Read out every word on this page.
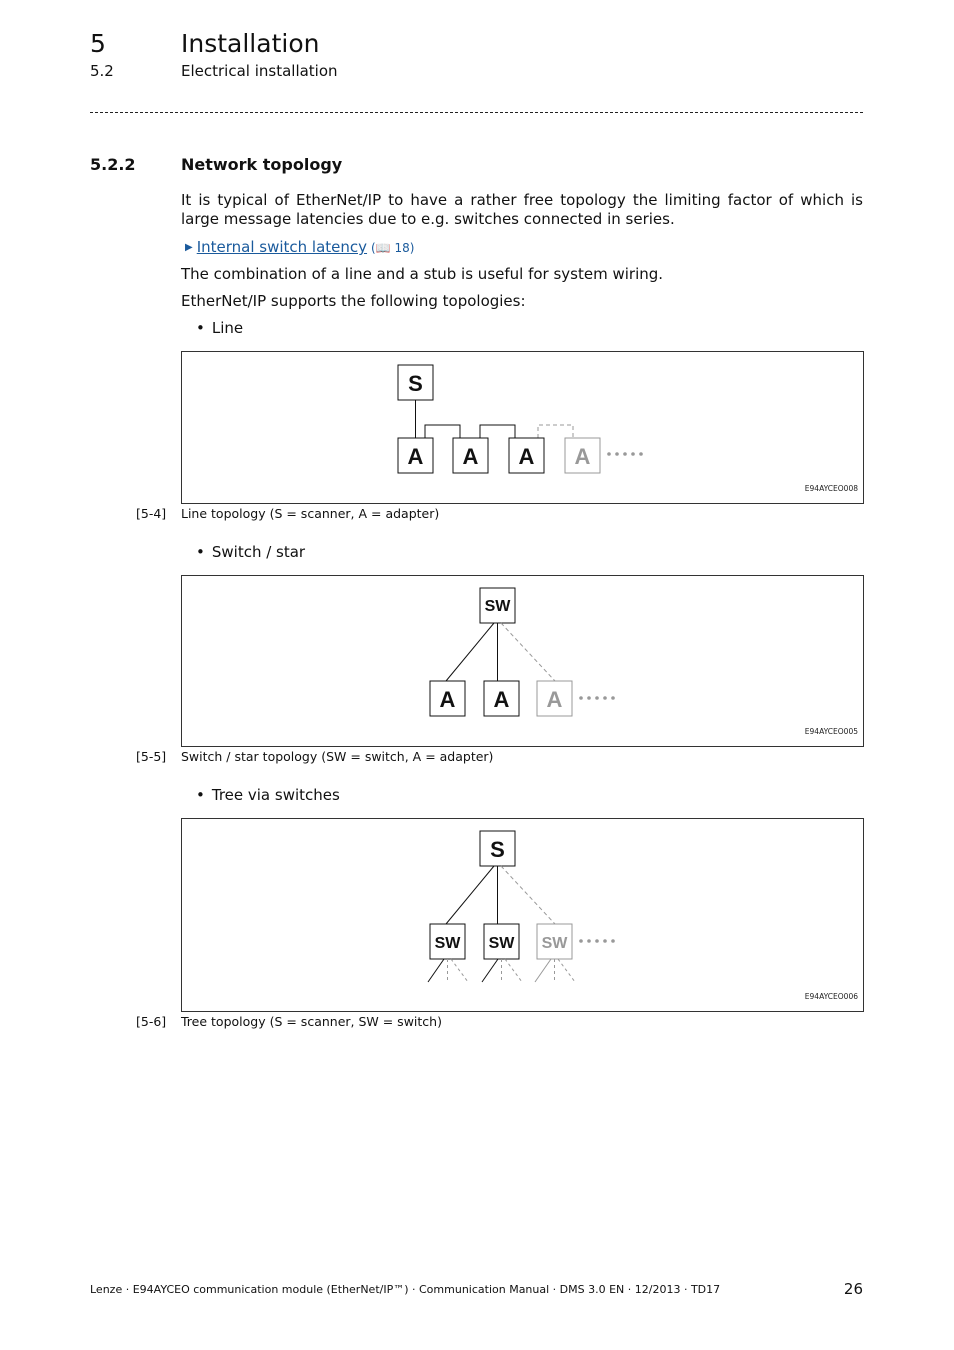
5	Installation
5.2	Electrical installation
5.2.2	Network topology
It is typical of EtherNet/IP to have a rather free topology the limiting factor of which is large message latencies due to e.g. switches connected in series.
▶ Internal switch latency (📖 18)
The combination of a line and a stub is useful for system wiring.
EtherNet/IP supports the following topologies:
• Line
S
A A A A
E94AYCEO008
[5-4] Line topology (S = scanner, A = adapter)
• Switch / star
SW
A A A
E94AYCEO005
[5-5] Switch / star topology (SW = switch, A = adapter)
• Tree via switches
S
SW SW SW
E94AYCEO006
[5-6] Tree topology (S = scanner, SW = switch)
Lenze · E94AYCEO communication module (EtherNet/IP™) · Communication Manual · DMS 3.0 EN · 12/2013 · TD17	26
